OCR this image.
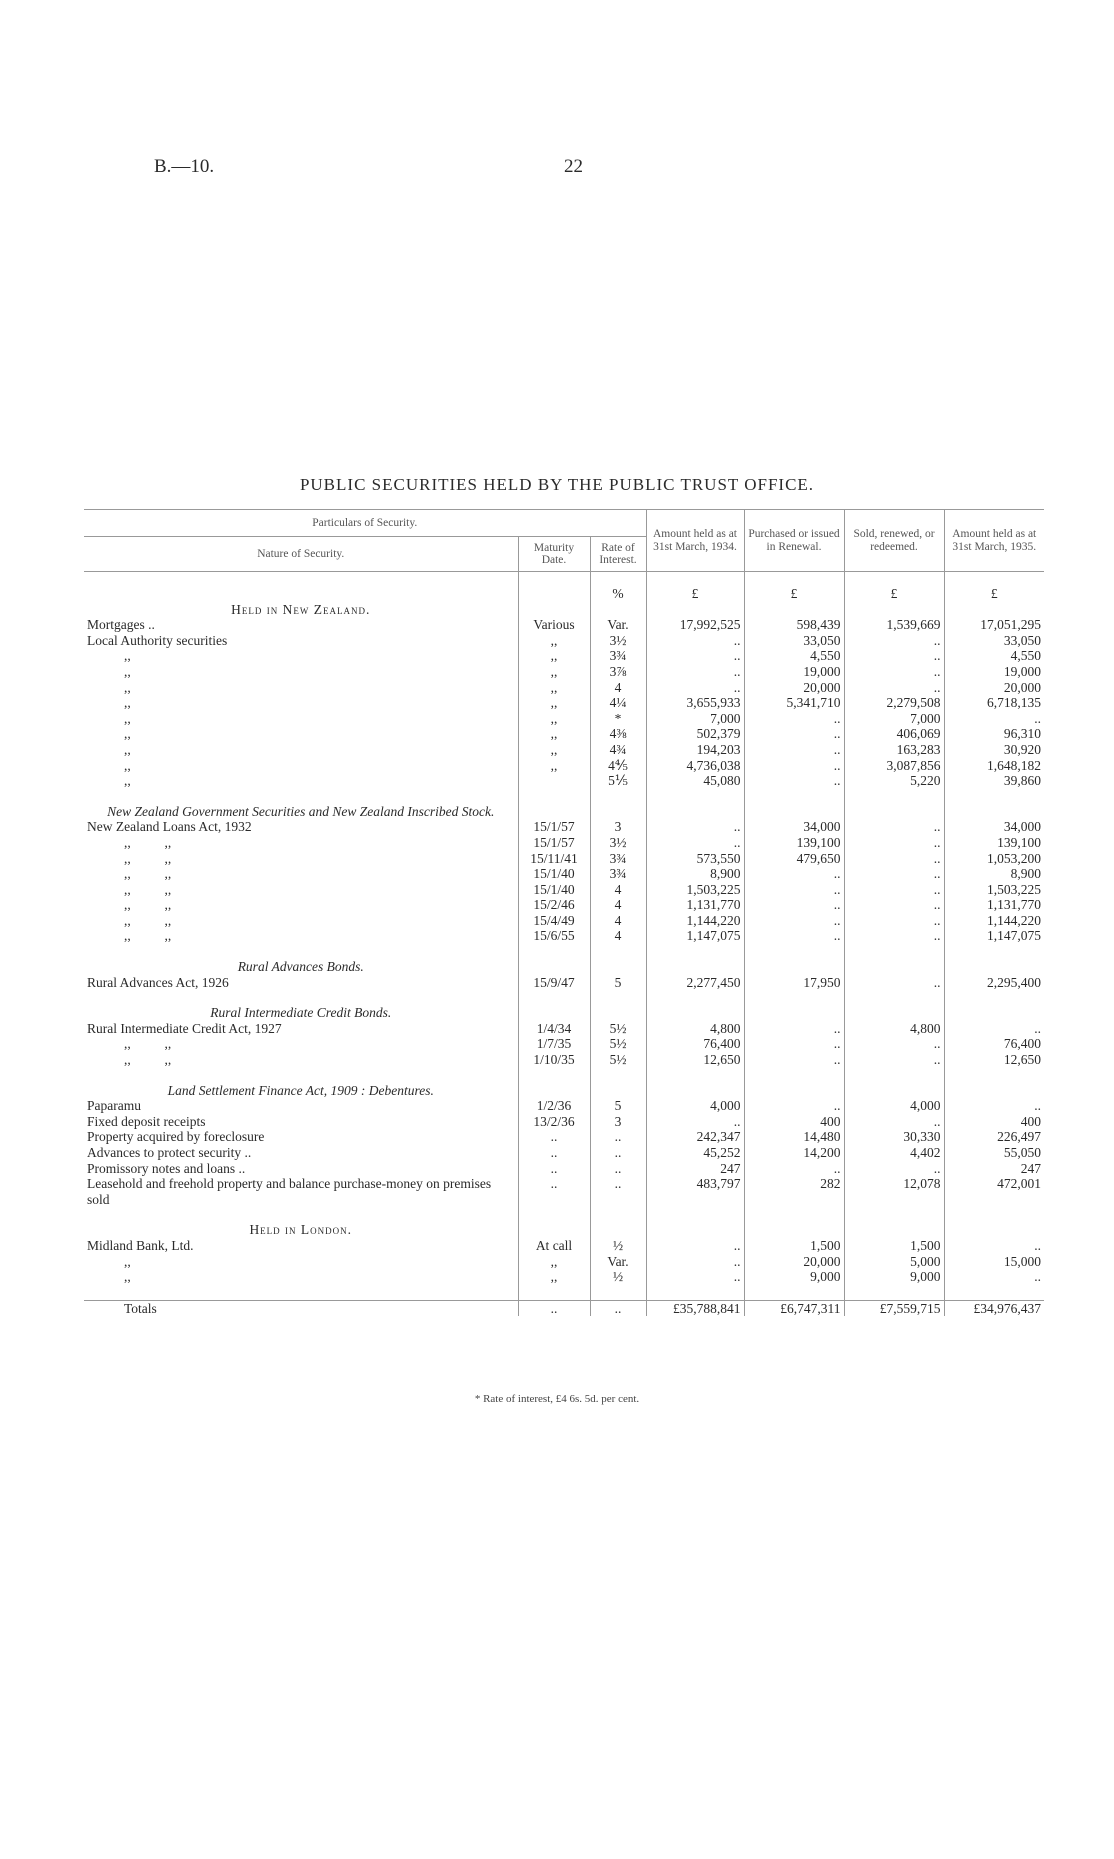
B.—10.	22
PUBLIC SECURITIES HELD BY THE PUBLIC TRUST OFFICE.
Particulars of Security.			Amount held as at 31st March, 1934.	Purchased or issued in Renewal.	Sold, renewed, or redeemed.	Amount held as at 31st March, 1935.
Nature of Security.	Maturity Date.	Rate of Interest.				
		%	£	£	£	£
Held in New Zealand.						
Mortgages ..	Various	Var.	17,992,525	598,439	1,539,669	17,051,295
Local Authority securities	,,	3½	..	33,050	..	33,050
,,	,,	3¾	..	4,550	..	4,550
,,	,,	3⅞	..	19,000	..	19,000
,,	,,	4	..	20,000	..	20,000
,,	,,	4¼	3,655,933	5,341,710	2,279,508	6,718,135
,,	,,	*	7,000	..	7,000	..
,,	,,	4⅜	502,379	..	406,069	96,310
,,	,,	4¾	194,203	..	163,283	30,920
,,	,,	4⅘	4,736,038	..	3,087,856	1,648,182
,,		5⅕	45,080	..	5,220	39,860

New Zealand Government Securities and New Zealand Inscribed Stock.						
New Zealand Loans Act, 1932	15/1/57	3	..	34,000	..	34,000
,,          ,,	15/1/57	3½	..	139,100	..	139,100
,,          ,,	15/11/41	3¾	573,550	479,650	..	1,053,200
,,          ,,	15/1/40	3¾	8,900	..	..	8,900
,,          ,,	15/1/40	4	1,503,225	..	..	1,503,225
,,          ,,	15/2/46	4	1,131,770	..	..	1,131,770
,,          ,,	15/4/49	4	1,144,220	..	..	1,144,220
,,          ,,	15/6/55	4	1,147,075	..	..	1,147,075

Rural Advances Bonds.						
Rural Advances Act, 1926	15/9/47	5	2,277,450	17,950	..	2,295,400

Rural Intermediate Credit Bonds.						
Rural Intermediate Credit Act, 1927	1/4/34	5½	4,800	..	4,800	..
,,          ,,	1/7/35	5½	76,400	..	..	76,400
,,          ,,	1/10/35	5½	12,650	..	..	12,650

Land Settlement Finance Act, 1909 : Debentures.						
Paparamu	1/2/36	5	4,000	..	4,000	..
Fixed deposit receipts	13/2/36	3	..	400	..	400
Property acquired by foreclosure	..	..	242,347	14,480	30,330	226,497
Advances to protect security ..	..	..	45,252	14,200	4,402	55,050
Promissory notes and loans ..	..	..	247	..	..	247
Leasehold and freehold property and balance purchase-money on premises sold	..	..	483,797	282	12,078	472,001

Held in London.						
Midland Bank, Ltd.	At call	½	..	1,500	1,500	..
,,	,,	Var.	..	20,000	5,000	15,000
,,	,,	½	..	9,000	9,000	..

Totals	..	..	£35,788,841	£6,747,311	£7,559,715	£34,976,437
* Rate of interest, £4 6s. 5d. per cent.
